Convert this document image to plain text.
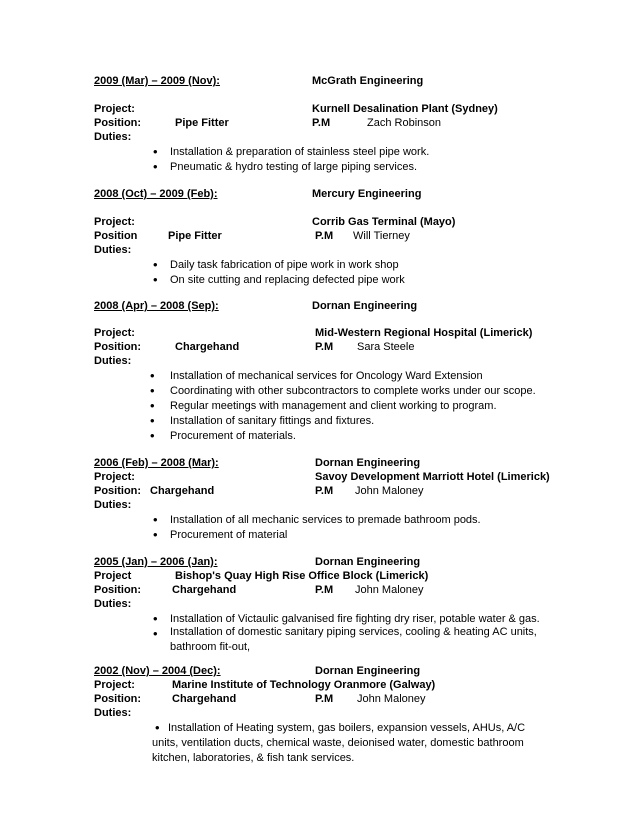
2009 (Mar) – 2009 (Nov):	McGrath Engineering
Project:	Kurnell Desalination Plant (Sydney)
Position:	Pipe Fitter	P.M	Zach Robinson
Duties:
• Installation & preparation of stainless steel pipe work.
• Pneumatic & hydro testing of large piping services.
2008 (Oct) – 2009 (Feb):	Mercury Engineering
Project:	Corrib Gas Terminal (Mayo)
Position	Pipe Fitter	P.M Will Tierney
Duties:
• Daily task fabrication of pipe work in work shop
• On site cutting and replacing defected pipe work
2008 (Apr) – 2008 (Sep):	Dornan Engineering
Project:	Mid-Western Regional Hospital (Limerick)
Position:	Chargehand	P.M Sara Steele
Duties:
• Installation of mechanical services for Oncology Ward Extension
• Coordinating with other subcontractors to complete works under our scope.
• Regular meetings with management and client working to program.
• Installation of sanitary fittings and fixtures.
• Procurement of materials.
2006 (Feb) – 2008 (Mar):	Dornan Engineering
Project:	Savoy Development Marriott Hotel (Limerick)
Position: Chargehand	P.M John Maloney
Duties:
• Installation of all mechanic services to premade bathroom pods.
• Procurement of material
2005 (Jan) – 2006 (Jan):	Dornan Engineering
Project	Bishop's Quay High Rise Office Block (Limerick)
Position:	Chargehand	P.M John Maloney
Duties:
• Installation of Victaulic galvanised fire fighting dry riser, potable water & gas.
• Installation of domestic sanitary piping services, cooling & heating AC units, bathroom fit-out,
2002 (Nov) – 2004 (Dec):	Dornan Engineering
Project:	Marine Institute of Technology Oranmore (Galway)
Position:	Chargehand	P.M John Maloney
Duties:
• Installation of Heating system, gas boilers, expansion vessels, AHUs, A/C units, ventilation ducts, chemical waste, deionised water, domestic bathroom kitchen, laboratories, & fish tank services.
